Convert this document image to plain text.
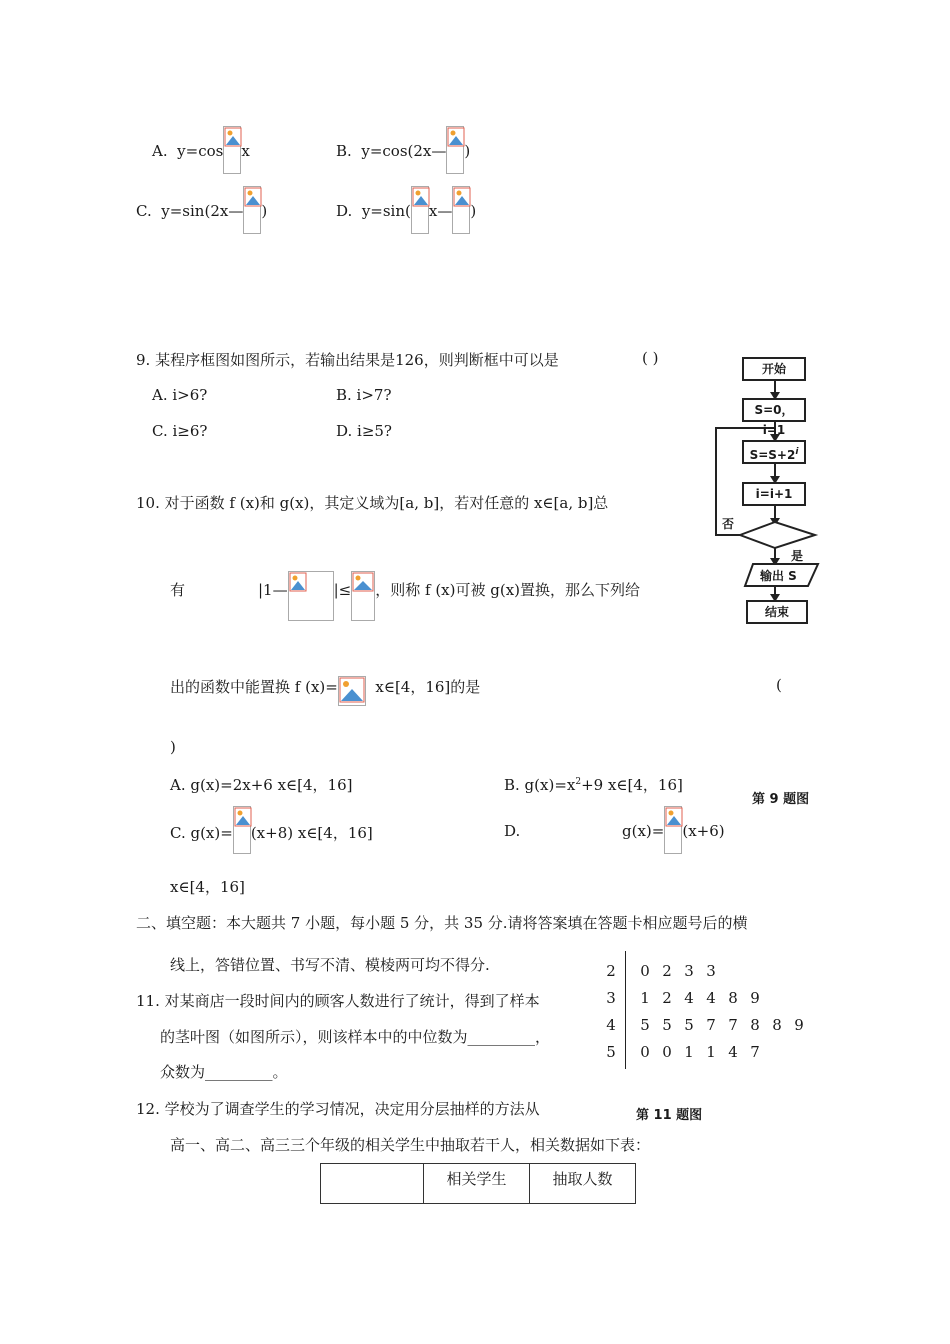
A. y=cos x	B. y=cos(2x— )
C. y=sin(2x— )	D. y=sin( x— )
9. 某程序框图如图所示，若输出结果是126，则判断框中可以是	( )
A. i>6?	B. i>7?
C. i≥6?	D. i≥5?
开始
S=0，i=1
$S=S+2^i$
i=i+1
否
是
输出 S
结束
第 9 题图
10. 对于函数 f (x)和 g(x)，其定义域为[a, b]，若对任意的 x∈[a, b]总
有	|1—	|≤ ，则称 f (x)可被 g(x)置换，那么下列给
出的函数中能置换 f (x)=	x∈[4，16]的是	(
)
A. g(x)=2x+6 x∈[4，16]	B. $g(x)=x^2+9$ x∈[4，16]
C. g(x)= (x+8) x∈[4，16]	D.	g(x)= (x+6)
x∈[4，16]
二、填空题：本大题共 7 小题，每小题 5 分，共 35 分.请将答案填在答题卡相应题号后的横
线上，答错位置、书写不清、模棱两可均不得分.
11. 对某商店一段时间内的顾客人数进行了统计，得到了样本
的茎叶图（如图所示），则该样本中的中位数为_________，
众数为_________。
2	0 2 3 3
3	1 2 4 4 8 9
4	5 5 5 7 7 8 8 9
5	0 0 1 1 4 7
第 11 题图
12. 学校为了调查学生的学习情况，决定用分层抽样的方法从
高一、高二、高三三个年级的相关学生中抽取若干人，相关数据如下表：
	相关学生	抽取人数
